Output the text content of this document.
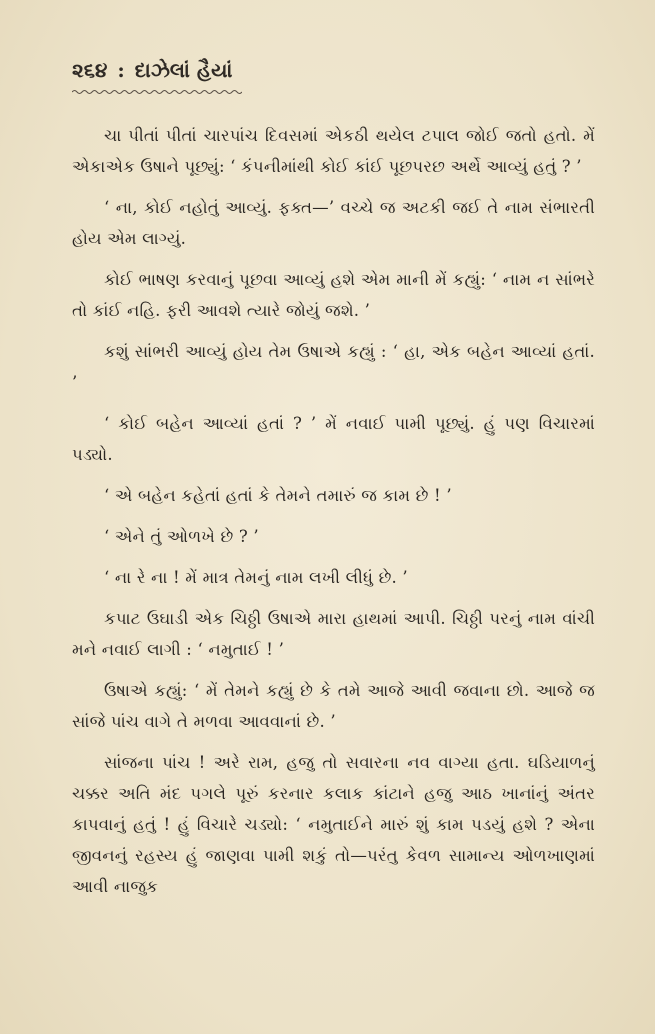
૨૬૪ : દાઝેલાં હૈયાં

ચા પીતાં પીતાં ચારપાંચ દિવસમાં એકઠી થયેલ ટપાલ જોઈ જતો હતો. મેં એકાએક ઉષાને પૂછ્યું: ‘ કંપનીમાંથી કોઈ કાંઈ પૂછપરછ અર્થે આવ્યું હતું ? ’

‘ ના, કોઈ નહોતું આવ્યું. ફક્ત—’ વચ્ચે જ અટકી જઈ તે નામ સંભારતી હોય એમ લાગ્યું.

કોઈ ભાષણ કરવાનું પૂછવા આવ્યું હશે એમ માની મેં કહ્યું: ‘ નામ ન સાંભરે તો કાંઈ નહિ. ફરી આવશે ત્યારે જોયું જશે. ’

કશું સાંભરી આવ્યું હોય તેમ ઉષાએ કહ્યું : ‘ હા, એક બહેન આવ્યાં હતાં. ’

‘ કોઈ બહેન આવ્યાં હતાં ? ’ મેં નવાઈ પામી પૂછ્યું. હું પણ વિચારમાં પડ્યો.

‘ એ બહેન કહેતાં હતાં કે તેમને તમારું જ કામ છે ! ’

‘ એને તું ઓળખે છે ? ’

‘ ના રે ના ! મેં માત્ર તેમનું નામ લખી લીધું છે. ’

કપાટ ઉઘાડી એક ચિઠ્ઠી ઉષાએ મારા હાથમાં આપી. ચિઠ્ઠી પરનું નામ વાંચી મને નવાઈ લાગી : ‘ નમુતાઈ ! ’

ઉષાએ કહ્યું: ‘ મેં તેમને કહ્યું છે કે તમે આજે આવી જવાના છો. આજે જ સાંજે પાંચ વાગે તે મળવા આવવાનાં છે. ’

સાંજના પાંચ ! અરે રામ, હજુ તો સવારના નવ વાગ્યા હતા. ઘડિયાળનું ચક્કર અતિ મંદ પગલે પૂરું કરનાર કલાક કાંટાને હજુ આઠ ખાનાંનું અંતર કાપવાનું હતું ! હું વિચારે ચડ્યો: ‘ નમુતાઈને મારું શું કામ પડયું હશે ? એના જીવનનું રહસ્ય હું જાણવા પામી શકું તો—પરંતુ કેવળ સામાન્ય ઓળખાણમાં આવી નાજુક
